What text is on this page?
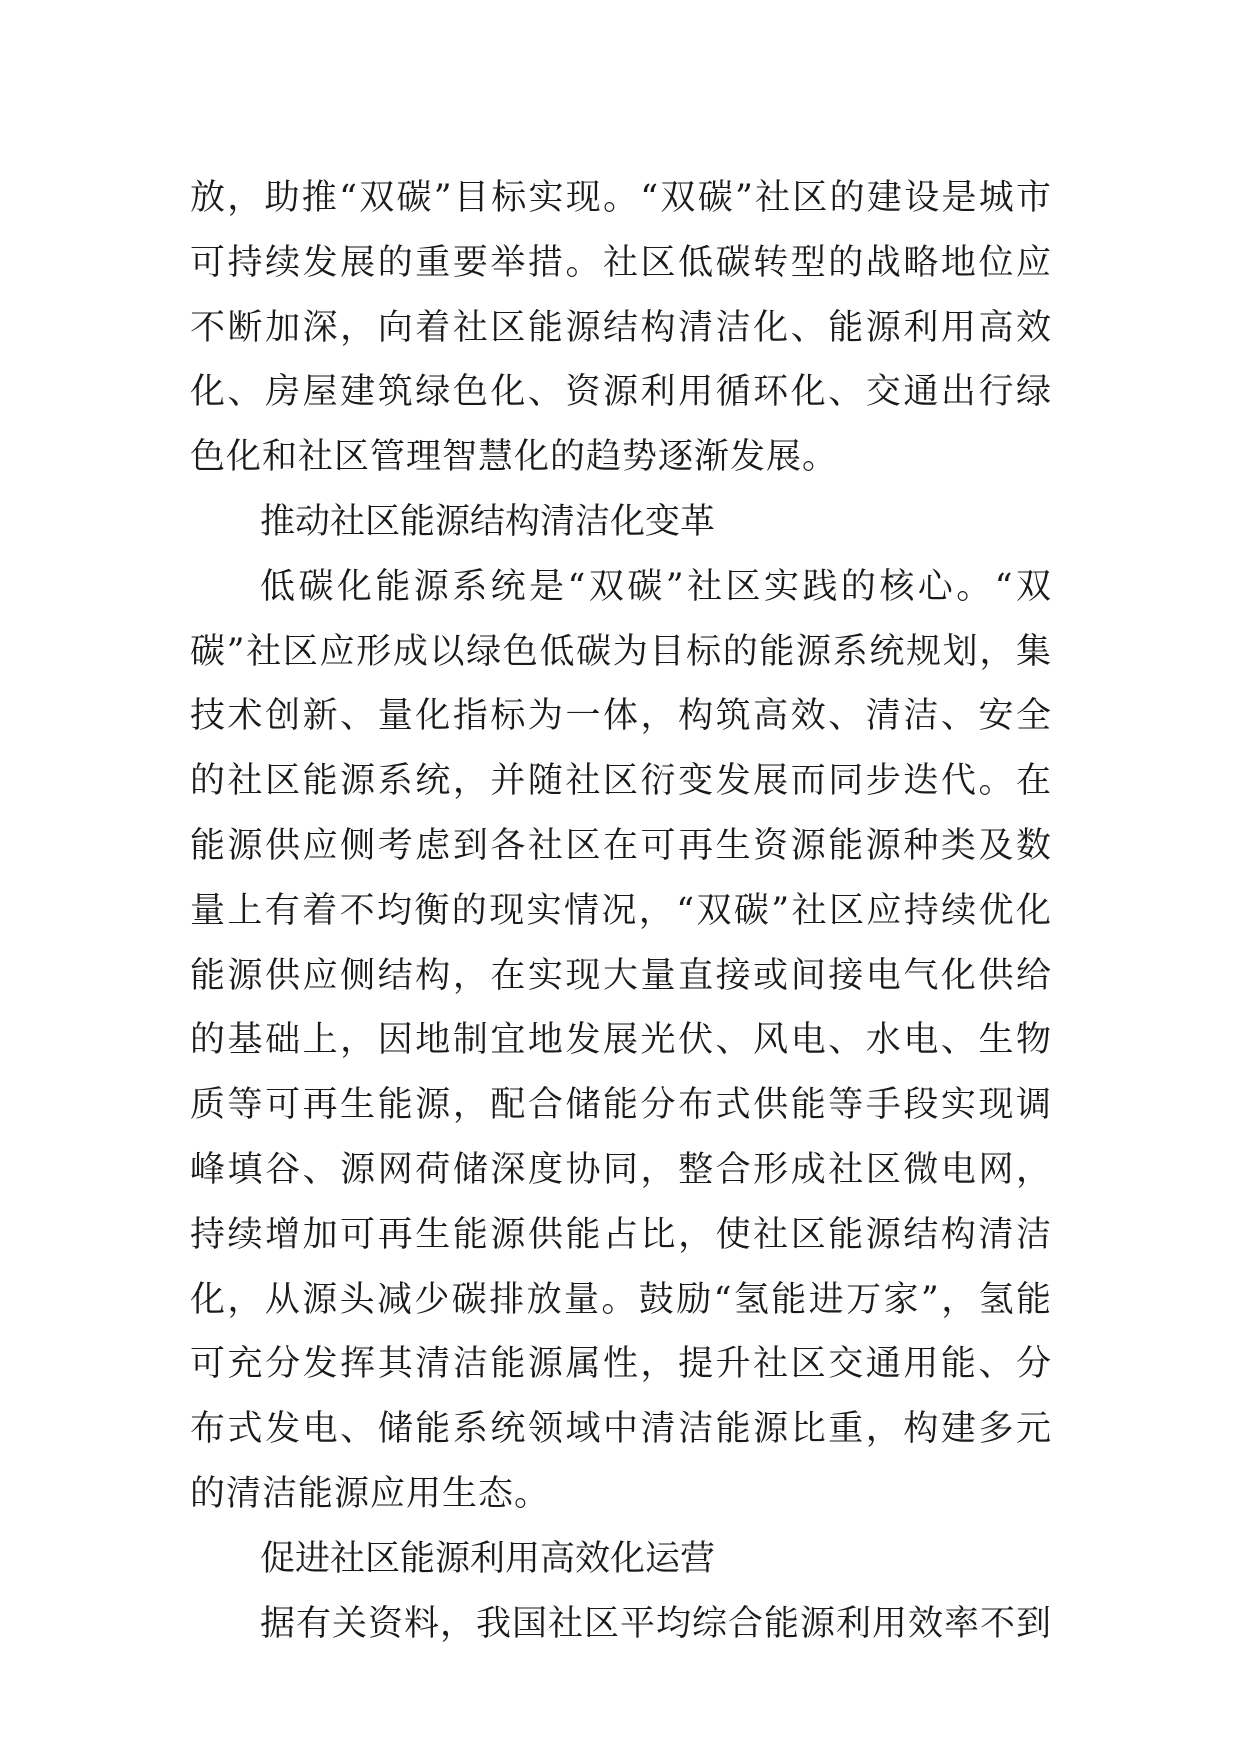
放，助推“双碳”目标实现。“双碳”社区的建设是城市可持续发展的重要举措。社区低碳转型的战略地位应不断加深，向着社区能源结构清洁化、能源利用高效化、房屋建筑绿色化、资源利用循环化、交通出行绿色化和社区管理智慧化的趋势逐渐发展。

推动社区能源结构清洁化变革

低碳化能源系统是“双碳”社区实践的核心。“双碳”社区应形成以绿色低碳为目标的能源系统规划，集技术创新、量化指标为一体，构筑高效、清洁、安全的社区能源系统，并随社区衍变发展而同步迭代。在能源供应侧考虑到各社区在可再生资源能源种类及数量上有着不均衡的现实情况，“双碳”社区应持续优化能源供应侧结构，在实现大量直接或间接电气化供给的基础上，因地制宜地发展光伏、风电、水电、生物质等可再生能源，配合储能分布式供能等手段实现调峰填谷、源网荷储深度协同，整合形成社区微电网，持续增加可再生能源供能占比，使社区能源结构清洁化，从源头减少碳排放量。鼓励“氢能进万家”，氢能可充分发挥其清洁能源属性，提升社区交通用能、分布式发电、储能系统领域中清洁能源比重，构建多元的清洁能源应用生态。

促进社区能源利用高效化运营

据有关资料，我国社区平均综合能源利用效率不到
